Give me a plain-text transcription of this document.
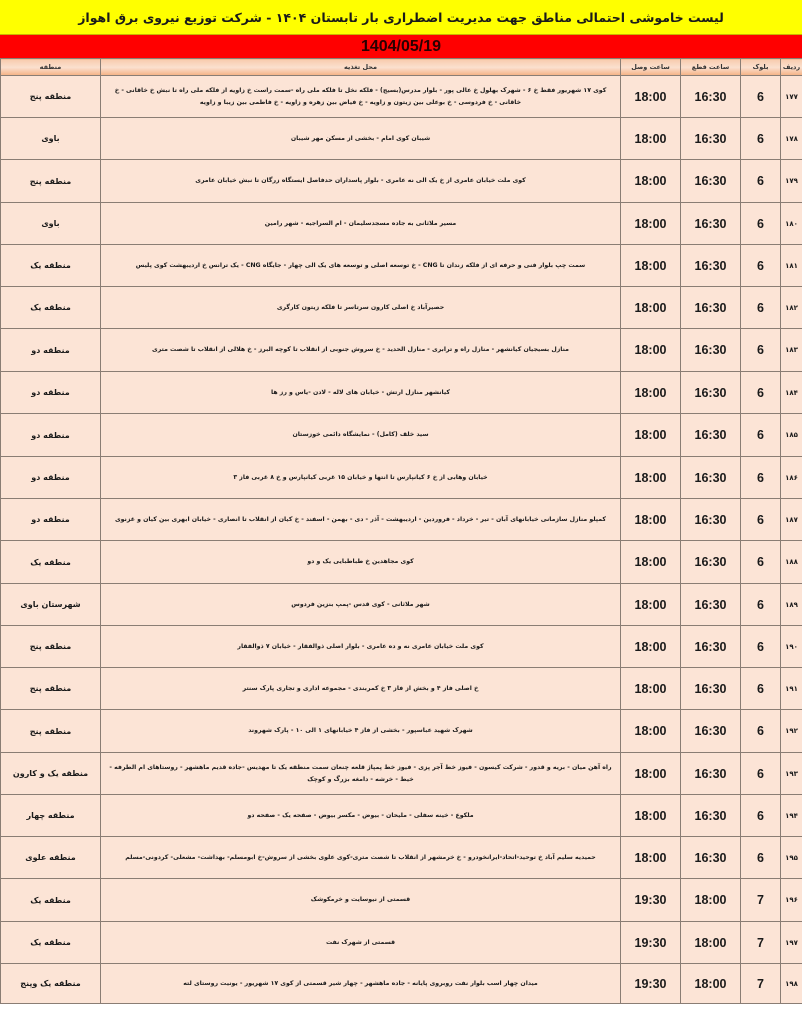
لیست خاموشی احتمالی مناطق جهت مدیریت اضطراری بار تابستان ۱۴۰۴ - شرکت توزیع نیروی برق اهواز
1404/05/19
ردیف	بلوک	ساعت قطع	ساعت وصل	محل تغذیه	منطقه
۱۷۷	6	16:30	18:00	کوی ۱۷ شهریور فقط خ ۶ - شهرک بهلول خ عالی پور - بلوار مدرس(بسیج) - فلکه نخل تا فلکه ملی راه -سمت راست خ زاویه از فلکه ملی راه تا نبش خ خاقانی - خ خاقانی - خ فردوسی - خ بوعلی بین زیتون و زاویه - خ فیاض بین زهره و زاویه - خ فاطمی بین زیبا و زاویه	منطقه پنج
۱۷۸	6	16:30	18:00	شیبان کوی امام - بخشی از مسکن مهر شیبان	باوی
۱۷۹	6	16:30	18:00	کوی ملت خیابان عامری از خ یک الی نه عامری - بلوار پاسداران حدفاصل ایستگاه زرگان تا نبش خیابان عامری	منطقه پنج
۱۸۰	6	16:30	18:00	مسیر ملاثانی به جاده مسجدسلیمان - ام السراجیه - شهر رامین	باوی
۱۸۱	6	16:30	18:00	سمت چپ بلوار فنی و حرفه ای از فلکه زندان تا CNG - خ توسعه اصلی و توسعه های یک الی چهار - جایگاه CNG - یک ترانس خ اردیبهشت کوی پلیس	منطقه یک
۱۸۲	6	16:30	18:00	حصیرآباد خ اصلی کارون سرتاسر تا فلکه زیتون کارگری	منطقه یک
۱۸۳	6	16:30	18:00	منازل بسیجیان کیانشهر - منازل راه و ترابری - منازل الحدید - خ سروش جنوبی از انقلاب تا کوچه البرز - خ هلالی از انقلاب تا شصت متری	منطقه دو
۱۸۴	6	16:30	18:00	کیانشهر منازل ارتش - خیابان های لاله - لادن -یاس و رز ها	منطقه دو
۱۸۵	6	16:30	18:00	سید خلف (کامل) - نمایشگاه دائمی خوزستان	منطقه دو
۱۸۶	6	16:30	18:00	خیابان وهابی از خ ۶ کیانپارس تا انتها و خیابان ۱۵ غربی کیانپارس و خ ۸ غربی فاز ۳	منطقه دو
۱۸۷	6	16:30	18:00	کمپلو منازل سازمانی خیابانهای آبان - تیر - خرداد - فروردین - اردیبهشت - آذر - دی - بهمن - اسفند - خ کیان از انقلاب تا انصاری - خیابان ابهری بین کیان و غزنوی	منطقه دو
۱۸۸	6	16:30	18:00	کوی مجاهدین خ طباطبایی یک و دو	منطقه یک
۱۸۹	6	16:30	18:00	شهر ملاثانی - کوی قدس -پمپ بنزین فردوس	شهرستان باوی
۱۹۰	6	16:30	18:00	کوی ملت خیابان عامری نه و ده عامری - بلوار اصلی ذوالفقار - خیابان ۷ ذوالفقار	منطقه پنج
۱۹۱	6	16:30	18:00	خ اصلی فاز ۴ و بخش از فاز ۳ خ کمربندی - مجموعه اداری و تجاری پارک سنتر	منطقه پنج
۱۹۲	6	16:30	18:00	شهرک شهید عباسپور - بخشی از فاز ۴ خیابانهای ۱ الی ۱۰ - پارک شهروند	منطقه پنج
۱۹۳	6	16:30	18:00	راه آهن میان - بریه و قدور - شرکت کیسون - فیوز خط آجر پزی - فیوز خط پمپاژ قلعه چنعان سمت منطقه یک تا مهدیس -جاده قدیم ماهشهر - روستاهای ام الطرفه - خیط - خرشه - دامغه بزرگ و کوچک	منطقه یک و کارون
۱۹۴	6	16:30	18:00	ملکوع - خینه سفلی - ملیحان - بیوض - مکسر بیوض - صفحه یک - صفحه دو	منطقه چهار
۱۹۵	6	16:30	18:00	حمیدیه سلیم آباد خ توحید-اتحاد-ایرانخودرو - خ خرمشهر از انقلاب تا شصت متری-کوی علوی بخشی از سروش-خ ابومسلم- بهداشت- مشعلی- کردونی-مسلم	منطقه علوی
۱۹۶	7	18:00	19:30	قسمتی از نیوسایت و خرمکوشک	منطقه یک
۱۹۷	7	18:00	19:30	قسمتی از شهرک نفت	منطقه یک
۱۹۸	7	18:00	19:30	میدان چهار اسب بلوار نفت روبروی پایانه - جاده ماهشهر - چهار شیر قسمتی از کوی ۱۷ شهریور - یونیت روستای لته	منطقه یک وپنج
